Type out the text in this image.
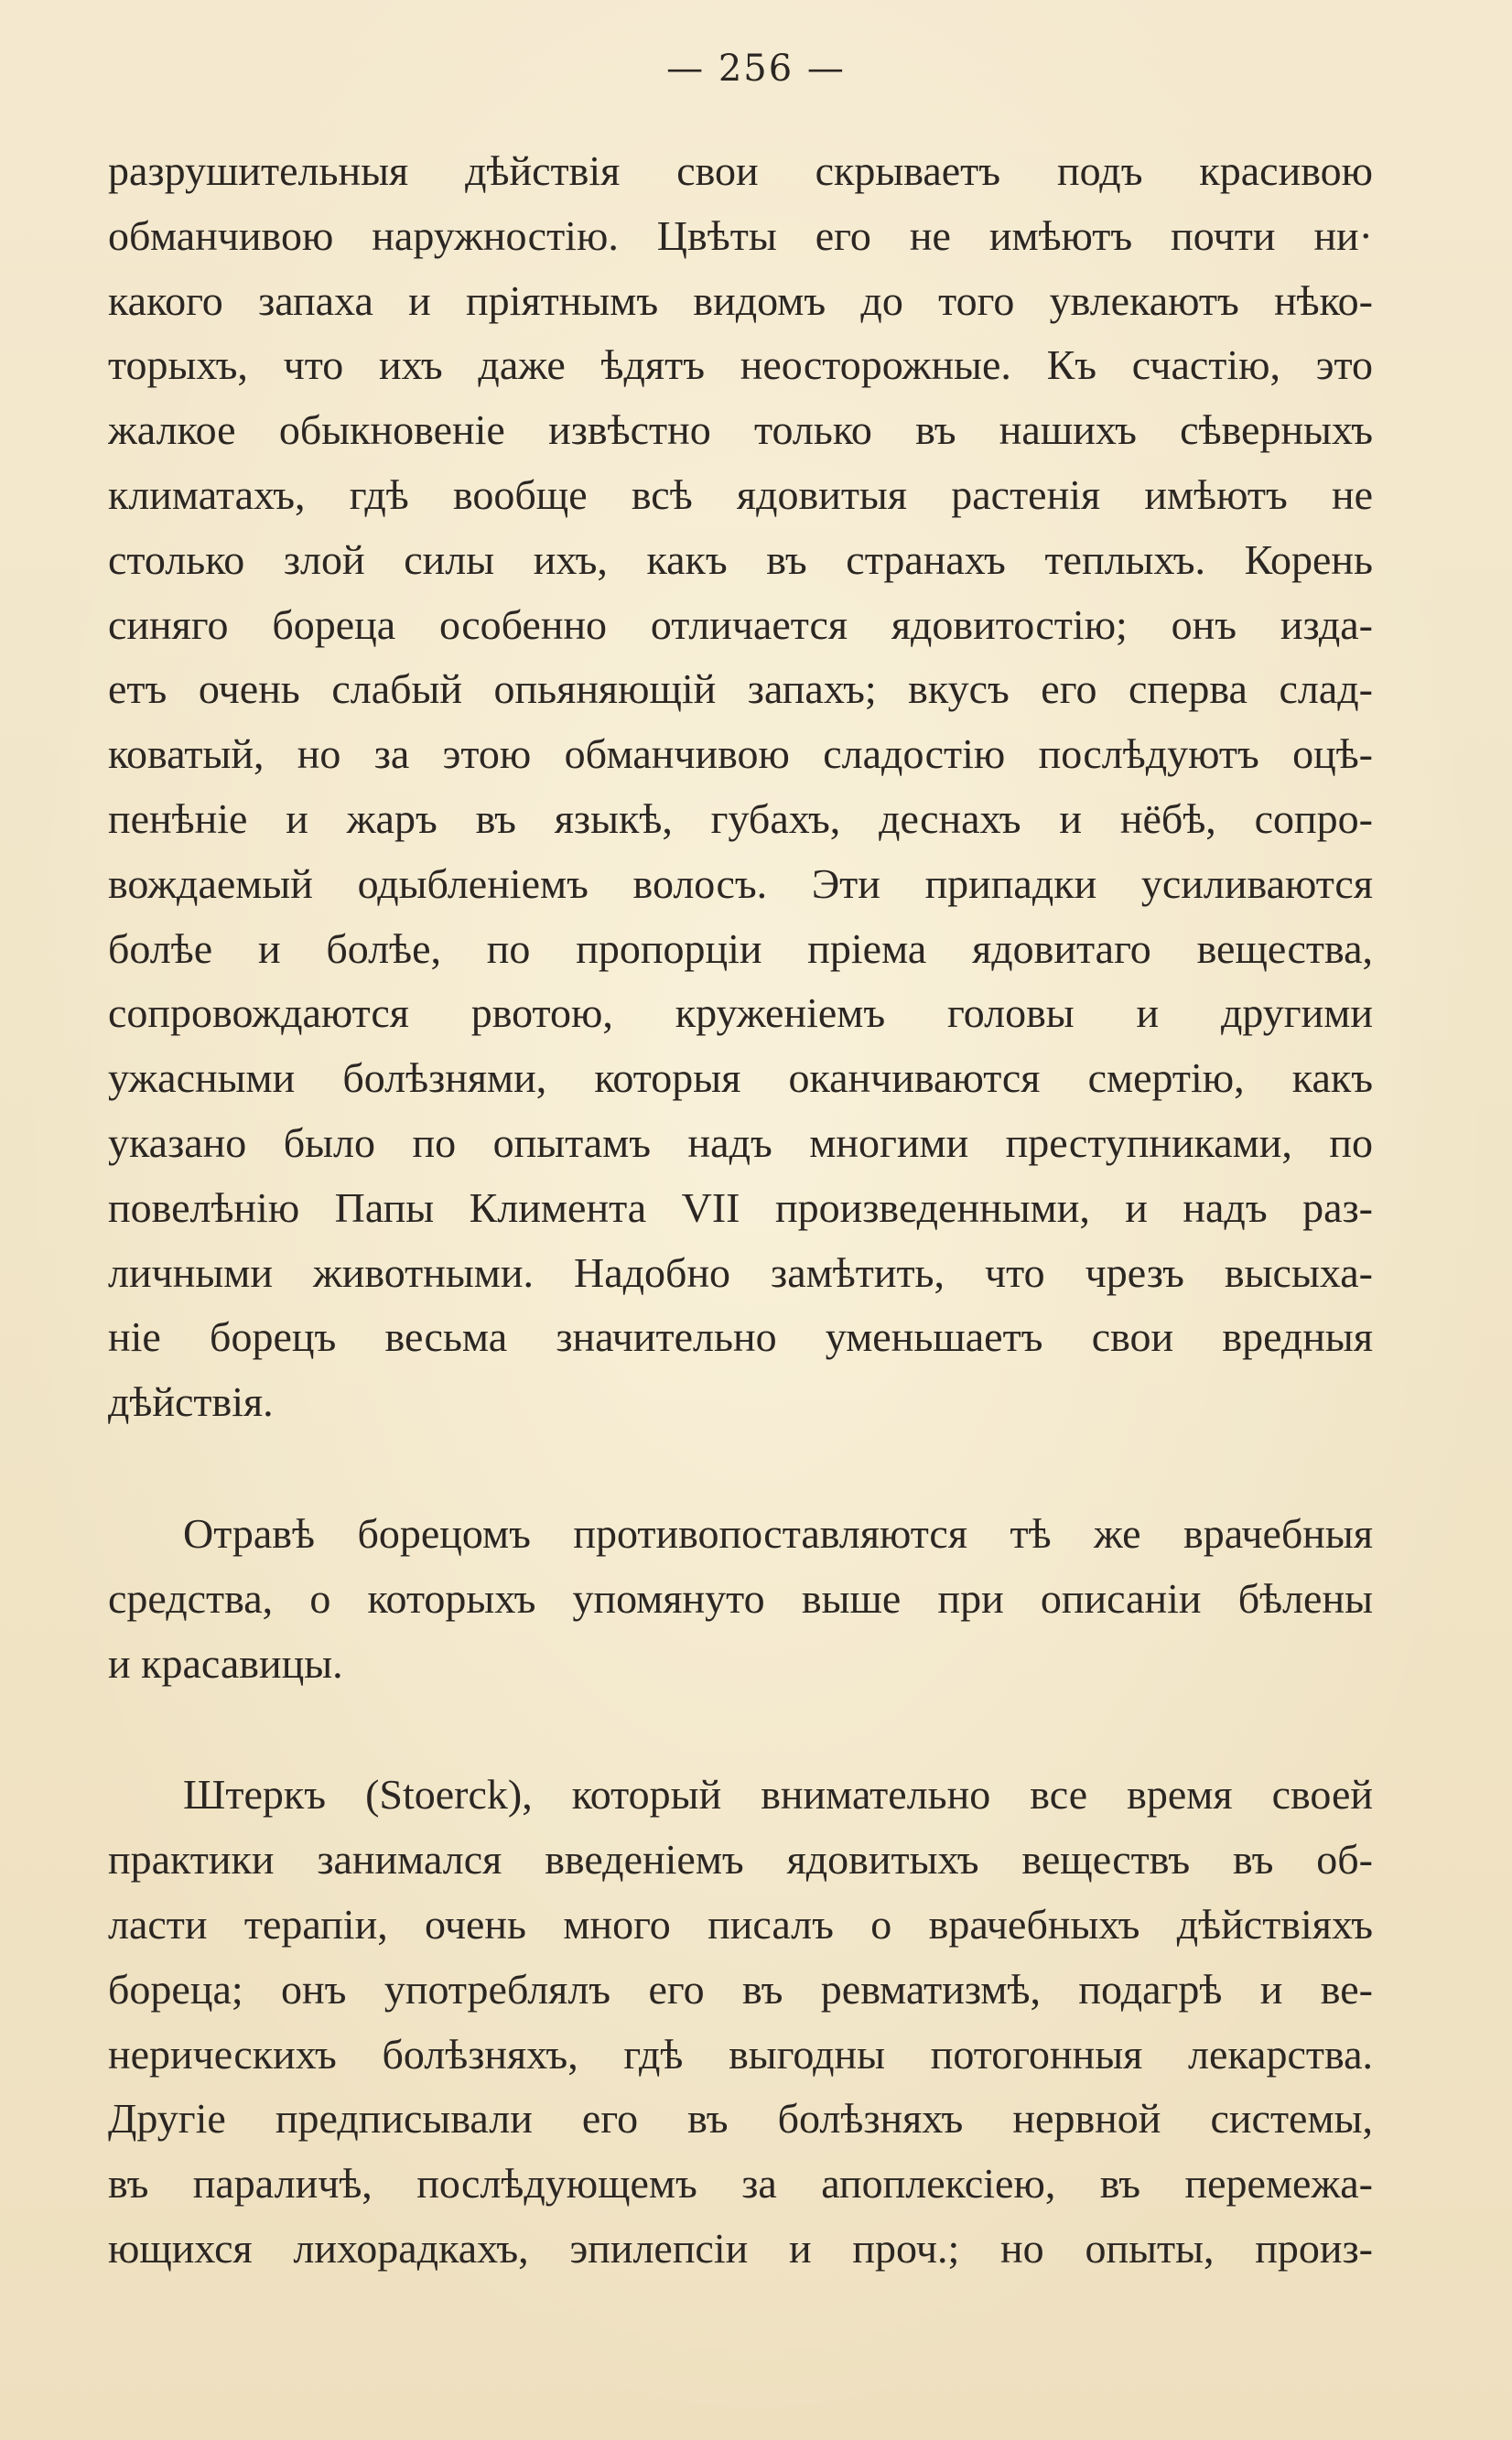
— 256 —
разрушительныя дѣйствія свои скрываетъ подъ красивою
обманчивою наружностію. Цвѣты его не имѣютъ почти ни·
какого запаха и пріятнымъ видомъ до того увлекаютъ нѣко-
торыхъ, что ихъ даже ѣдятъ неосторожные. Къ счастію, это
жалкое обыкновеніе извѣстно только въ нашихъ сѣверныхъ
климатахъ, гдѣ вообще всѣ ядовитыя растенія имѣютъ не
столько злой силы ихъ, какъ въ странахъ теплыхъ. Корень
синяго бореца особенно отличается ядовитостію; онъ изда-
етъ очень слабый опьяняющій запахъ; вкусъ его сперва слад-
коватый, но за этою обманчивою сладостію послѣдуютъ оцѣ-
пенѣніе и жаръ въ языкѣ, губахъ, деснахъ и нёбѣ, сопро-
вождаемый одыбленіемъ волосъ. Эти припадки усиливаются
болѣе и болѣе, по пропорціи пріема ядовитаго вещества,
сопровождаются рвотою, круженіемъ головы и другими
ужасными болѣзнями, которыя оканчиваются смертію, какъ
указано было по опытамъ надъ многими преступниками, по
повелѣнію Папы Климента VII произведенными, и надъ раз-
личными животными. Надобно замѣтить, что чрезъ высыха-
ніе борецъ весьма значительно уменьшаетъ свои вредныя
дѣйствія.
Отравѣ борецомъ противопоставляются тѣ же врачебныя
средства, о которыхъ упомянуто выше при описаніи бѣлены
и красавицы.
Штеркъ (Stoerck), который внимательно все время своей
практики занимался введеніемъ ядовитыхъ веществъ въ об-
ласти терапіи, очень много писалъ о врачебныхъ дѣйствіяхъ
бореца; онъ употреблялъ его въ ревматизмѣ, подагрѣ и ве-
нерическихъ болѣзняхъ, гдѣ выгодны потогонныя лекарства.
Другіе предписывали его въ болѣзняхъ нервной системы,
въ параличѣ, послѣдующемъ за апоплексіею, въ перемежа-
ющихся лихорадкахъ, эпилепсіи и проч.; но опыты, произ-
